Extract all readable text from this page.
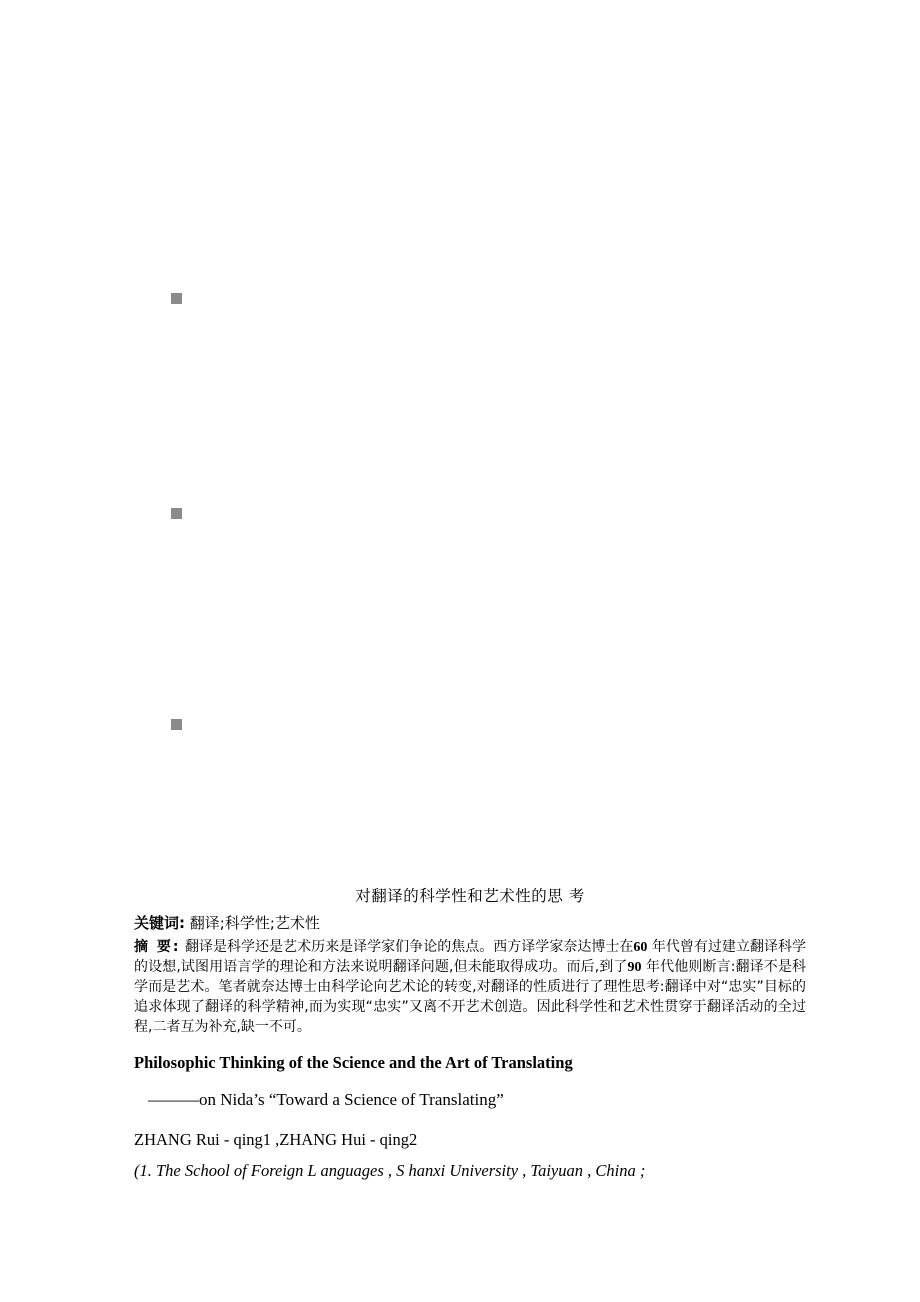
对翻译的科学性和艺术性的思 考
关键词: 翻译;科学性;艺术性
摘 要: 翻译是科学还是艺术历来是译学家们争论的焦点。西方译学家奈达博士在60 年代曾有过建立翻译科学的设想,试图用语言学的理论和方法来说明翻译问题,但未能取得成功。而后,到了90 年代他则断言:翻译不是科学而是艺术。笔者就奈达博士由科学论向艺术论的转变,对翻译的性质进行了理性思考:翻译中对“忠实”目标的追求体现了翻译的科学精神,而为实现“忠实”又离不开艺术创造。因此科学性和艺术性贯穿于翻译活动的全过程,二者互为补充,缺一不可。
Philosophic Thinking of the Science and the Art of Translating
———on Nida’s “Toward a Science of Translating”
ZHANG Rui - qing1 ,ZHANG Hui - qing2
(1. The School of Foreign L anguages , S hanxi University , Taiyuan , China ;
